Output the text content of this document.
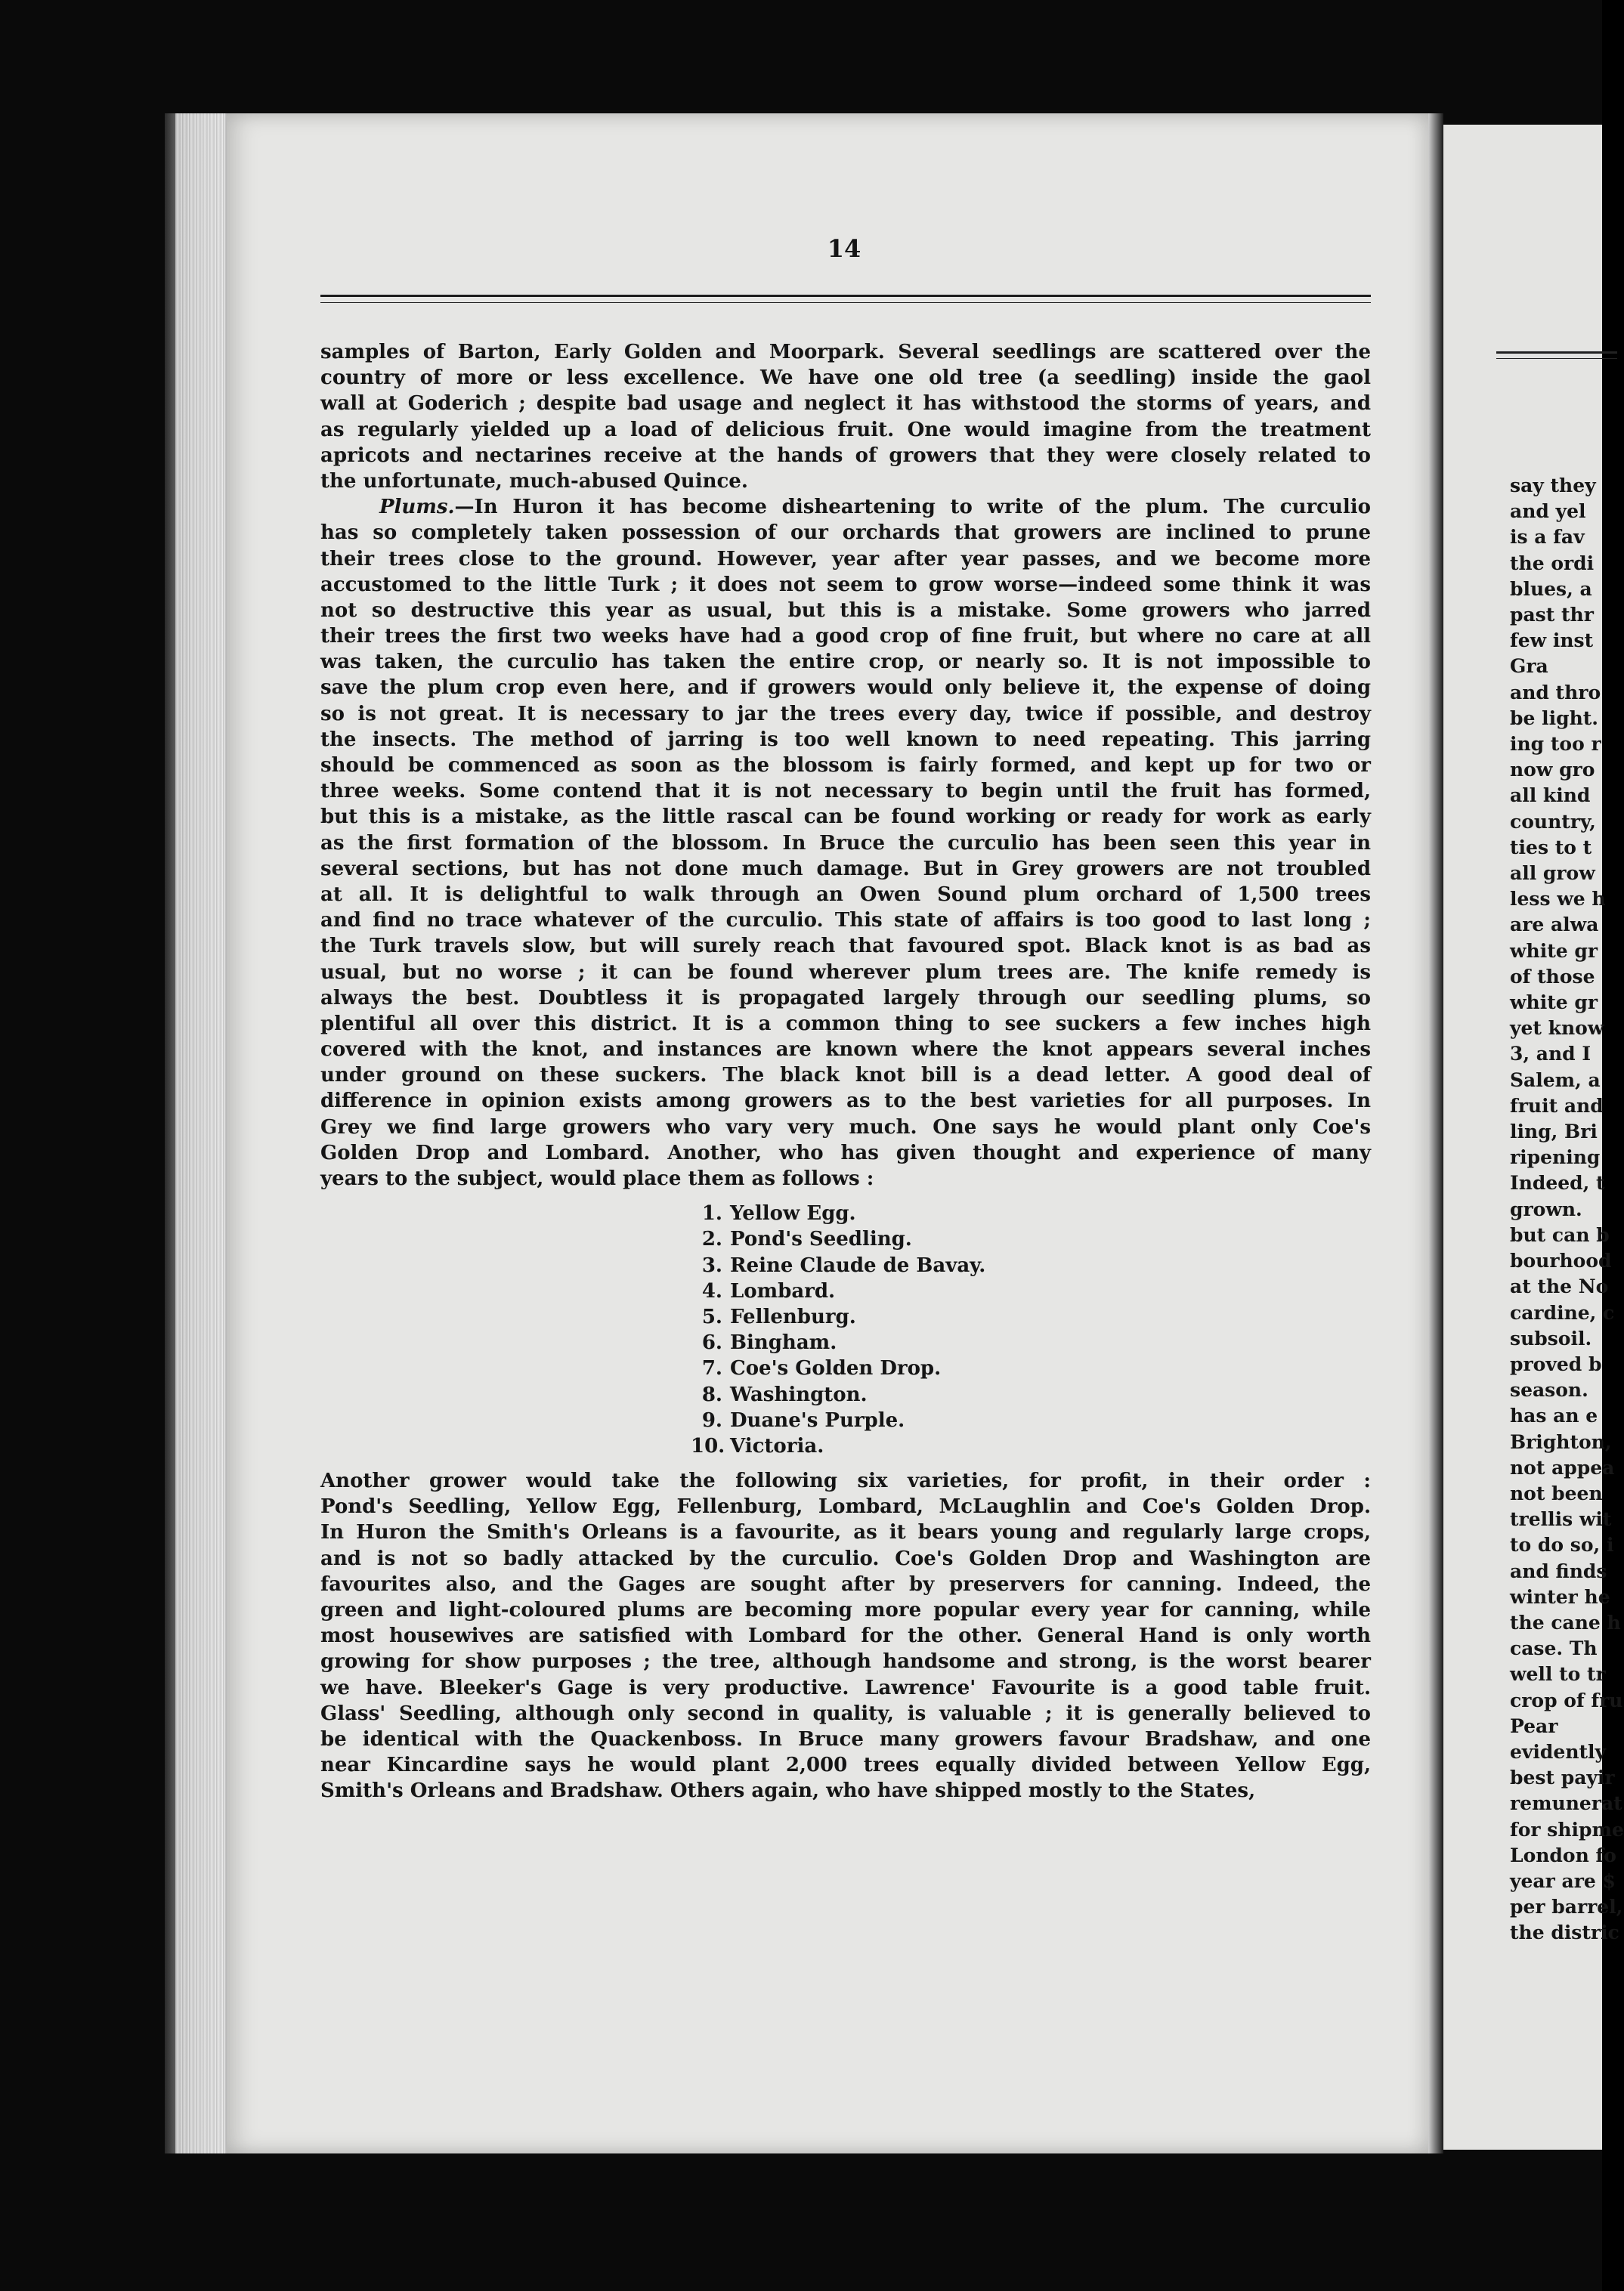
say they
and yel
is a fav
the ordi
blues, a
past thr
few inst
Gra
and thro
be light.
ing too r
now gro
all kind
country,
ties to t
all grow
less we h
are alwa
white gr
of those
white gr
yet know
3, and I
Salem, a
fruit and
ling, Bri
ripening
Indeed, t
grown.
but can b
bourhood
at the No
cardine, c
subsoil.
proved b
season.
has an e
Brighton,
not appea
not been
trellis wit
to do so, i
and finds
winter he
the cane h
case. Th
well to tr
crop of fru
Pear
evidently
best payir
remunerat
for shipme
London fo
year are $
per barrel,
the distric
14

samples of Barton, Early Golden and Moorpark. Several seedlings are scattered over the

country of more or less excellence. We have one old tree (a seedling) inside the gaol

wall at Goderich ; despite bad usage and neglect it has withstood the storms of years, and

as regularly yielded up a load of delicious fruit. One would imagine from the treatment

apricots and nectarines receive at the hands of growers that they were closely related to

the unfortunate, much-abused Quince.

Plums.—In Huron it has become disheartening to write of the plum. The curculio

has so completely taken possession of our orchards that growers are inclined to prune

their trees close to the ground. However, year after year passes, and we become more

accustomed to the little Turk ; it does not seem to grow worse—indeed some think it was

not so destructive this year as usual, but this is a mistake. Some growers who jarred

their trees the first two weeks have had a good crop of fine fruit, but where no care at all

was taken, the curculio has taken the entire crop, or nearly so. It is not impossible to

save the plum crop even here, and if growers would only believe it, the expense of doing

so is not great. It is necessary to jar the trees every day, twice if possible, and destroy

the insects. The method of jarring is too well known to need repeating. This jarring

should be commenced as soon as the blossom is fairly formed, and kept up for two or

three weeks. Some contend that it is not necessary to begin until the fruit has formed,

but this is a mistake, as the little rascal can be found working or ready for work as early

as the first formation of the blossom. In Bruce the curculio has been seen this year in

several sections, but has not done much damage. But in Grey growers are not troubled

at all. It is delightful to walk through an Owen Sound plum orchard of 1,500 trees

and find no trace whatever of the curculio. This state of affairs is too good to last long ;

the Turk travels slow, but will surely reach that favoured spot. Black knot is as bad as

usual, but no worse ; it can be found wherever plum trees are. The knife remedy is

always the best. Doubtless it is propagated largely through our seedling plums, so

plentiful all over this district. It is a common thing to see suckers a few inches high

covered with the knot, and instances are known where the knot appears several inches

under ground on these suckers. The black knot bill is a dead letter. A good deal of

difference in opinion exists among growers as to the best varieties for all purposes. In

Grey we find large growers who vary very much. One says he would plant only Coe's

Golden Drop and Lombard. Another, who has given thought and experience of many

years to the subject, would place them as follows :

1. Yellow Egg.
2. Pond's Seedling.
3. Reine Claude de Bavay.
4. Lombard.
5. Fellenburg.
6. Bingham.
7. Coe's Golden Drop.
8. Washington.
9. Duane's Purple.
10. Victoria.

Another grower would take the following six varieties, for profit, in their order :

Pond's Seedling, Yellow Egg, Fellenburg, Lombard, McLaughlin and Coe's Golden Drop.

In Huron the Smith's Orleans is a favourite, as it bears young and regularly large crops,

and is not so badly attacked by the curculio. Coe's Golden Drop and Washington are

favourites also, and the Gages are sought after by preservers for canning. Indeed, the

green and light-coloured plums are becoming more popular every year for canning, while

most housewives are satisfied with Lombard for the other. General Hand is only worth

growing for show purposes ; the tree, although handsome and strong, is the worst bearer

we have. Bleeker's Gage is very productive. Lawrence' Favourite is a good table fruit.

Glass' Seedling, although only second in quality, is valuable ; it is generally believed to

be identical with the Quackenboss. In Bruce many growers favour Bradshaw, and one

near Kincardine says he would plant 2,000 trees equally divided between Yellow Egg,

Smith's Orleans and Bradshaw. Others again, who have shipped mostly to the States,
